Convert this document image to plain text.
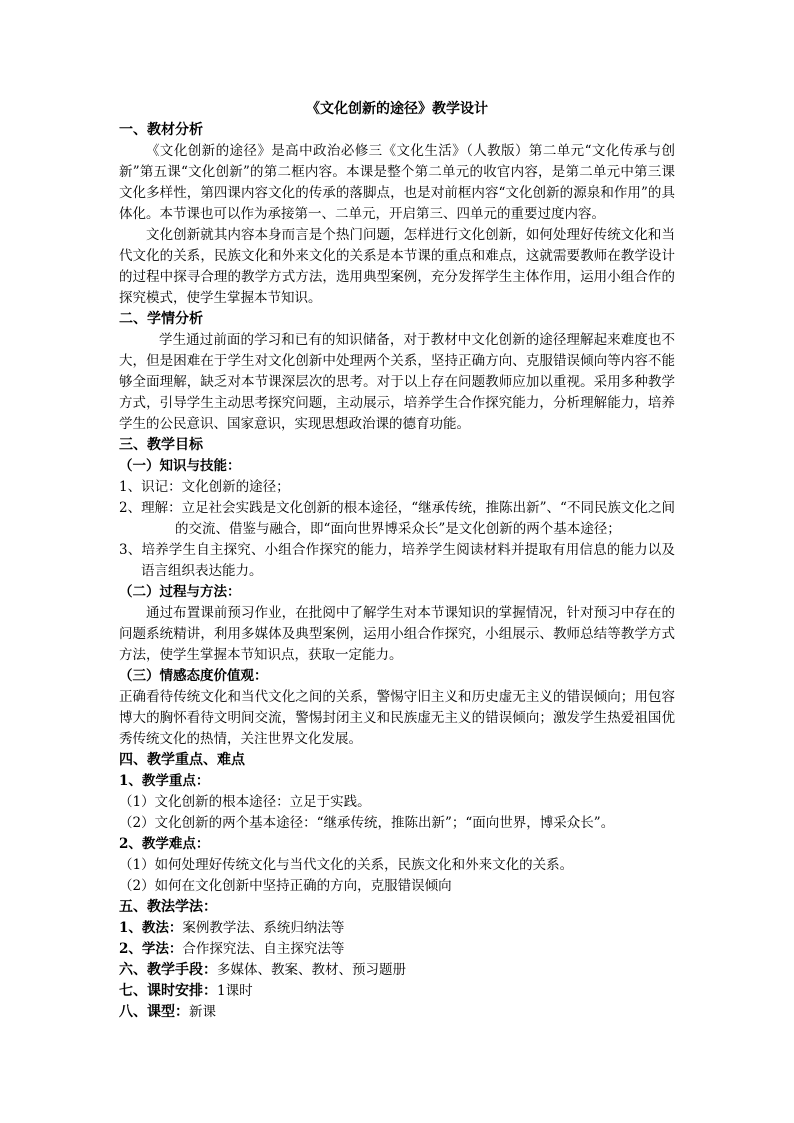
《文化创新的途径》教学设计

一、教材分析

《文化创新的途径》是高中政治必修三《文化生活》（人教版）第二单元“文化传承与创新”第五课“文化创新”的第二框内容。本课是整个第二单元的收官内容，是第二单元中第三课文化多样性，第四课内容文化的传承的落脚点，也是对前框内容“文化创新的源泉和作用”的具体化。本节课也可以作为承接第一、二单元，开启第三、四单元的重要过度内容。

文化创新就其内容本身而言是个热门问题，怎样进行文化创新，如何处理好传统文化和当代文化的关系，民族文化和外来文化的关系是本节课的重点和难点，这就需要教师在教学设计的过程中探寻合理的教学方式方法，选用典型案例，充分发挥学生主体作用，运用小组合作的探究模式，使学生掌握本节知识。

二、学情分析

学生通过前面的学习和已有的知识储备，对于教材中文化创新的途径理解起来难度也不大，但是困难在于学生对文化创新中处理两个关系，坚持正确方向、克服错误倾向等内容不能够全面理解，缺乏对本节课深层次的思考。对于以上存在问题教师应加以重视。采用多种教学方式，引导学生主动思考探究问题，主动展示，培养学生合作探究能力，分析理解能力，培养学生的公民意识、国家意识，实现思想政治课的德育功能。

三、教学目标

（一）知识与技能：

1、识记：文化创新的途径；

2、理解：立足社会实践是文化创新的根本途径，“继承传统，推陈出新”、“不同民族文化之间的交流、借鉴与融合，即“面向世界博采众长”是文化创新的两个基本途径；

3、培养学生自主探究、小组合作探究的能力，培养学生阅读材料并提取有用信息的能力以及语言组织表达能力。

（二）过程与方法：

通过布置课前预习作业，在批阅中了解学生对本节课知识的掌握情况，针对预习中存在的问题系统精讲，利用多媒体及典型案例，运用小组合作探究，小组展示、教师总结等教学方式方法，使学生掌握本节知识点，获取一定能力。

（三）情感态度价值观：

正确看待传统文化和当代文化之间的关系，警惕守旧主义和历史虚无主义的错误倾向；用包容博大的胸怀看待文明间交流，警惕封闭主义和民族虚无主义的错误倾向；激发学生热爱祖国优秀传统文化的热情，关注世界文化发展。

四、教学重点、难点

1、教学重点：

（1）文化创新的根本途径：立足于实践。

（2）文化创新的两个基本途径：“继承传统，推陈出新”；“面向世界，博采众长”。

2、教学难点：

（1）如何处理好传统文化与当代文化的关系，民族文化和外来文化的关系。

（2）如何在文化创新中坚持正确的方向，克服错误倾向

五、教法学法：

1、教法：案例教学法、系统归纳法等

2、学法：合作探究法、自主探究法等

六、教学手段：多媒体、教案、教材、预习题册

七、课时安排：1课时

八、课型：新课
